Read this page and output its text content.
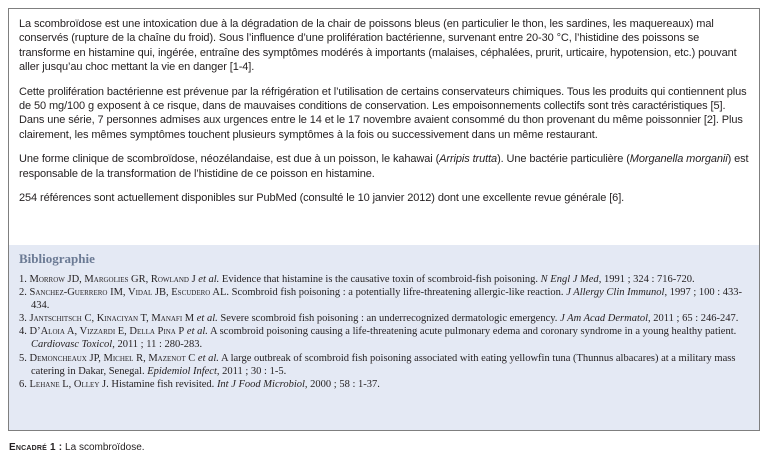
La scombroïdose est une intoxication due à la dégradation de la chair de poissons bleus (en particulier le thon, les sardines, les maquereaux) mal conservés (rupture de la chaîne du froid). Sous l’influence d’une prolifération bactérienne, survenant entre 20-30 °C, l’histidine des poissons se transforme en histamine qui, ingérée, entraîne des symptômes modérés à importants (malaises, céphalées, prurit, urticaire, hypotension, etc.) pouvant aller jusqu’au choc mettant la vie en danger [1-4].

Cette prolifération bactérienne est prévenue par la réfrigération et l’utilisation de certains conservateurs chimiques. Tous les produits qui contiennent plus de 50 mg/100 g exposent à ce risque, dans de mauvaises conditions de conservation. Les empoisonnements collectifs sont très caractéristiques [5]. Dans une série, 7 personnes admises aux urgences entre le 14 et le 17 novembre avaient consommé du thon provenant du même poissonnier [2]. Plus clairement, les mêmes symptômes touchent plusieurs symptômes à la fois ou successivement dans un même restaurant.

Une forme clinique de scombroïdose, néozélandaise, est due à un poisson, le kahawai (Arripis trutta). Une bactérie particulière (Morganella morganii) est responsable de la transformation de l’histidine de ce poisson en histamine.

254 références sont actuellement disponibles sur PubMed (consulté le 10 janvier 2012) dont une excellente revue générale [6].

Bibliographie
1. Morrow JD, Margolies GR, Rowland J et al. Evidence that histamine is the causative toxin of scombroid-fish poisoning. N Engl J Med, 1991 ; 324 : 716-720.
2. Sanchez-Guerrero IM, Vidal JB, Escudero AL. Scombroid fish poisoning : a potentially lifre-threatening allergic-like reaction. J Allergy Clin Immunol, 1997 ; 100 : 433-434.
3. Jantschitsch C, Kinaciyan T, Manafi M et al. Severe scombroid fish poisoning : an underrecognized dermatologic emergency. J Am Acad Dermatol, 2011 ; 65 : 246-247.
4. D’Aloia A, Vizzardi E, Della Pina P et al. A scombroid poisoning causing a life-threatening acute pulmonary edema and coronary syndrome in a young healthy patient. Cardiovasc Toxicol, 2011 ; 11 : 280-283.
5. Demoncheaux JP, Michel R, Mazenot C et al. A large outbreak of scombroid fish poisoning associated with eating yellowfin tuna (Thunnus albacares) at a military mass catering in Dakar, Senegal. Epidemiol Infect, 2011 ; 30 : 1-5.
6. Lehane L, Olley J. Histamine fish revisited. Int J Food Microbiol, 2000 ; 58 : 1-37.
Encadré 1 : La scombroïdose.
